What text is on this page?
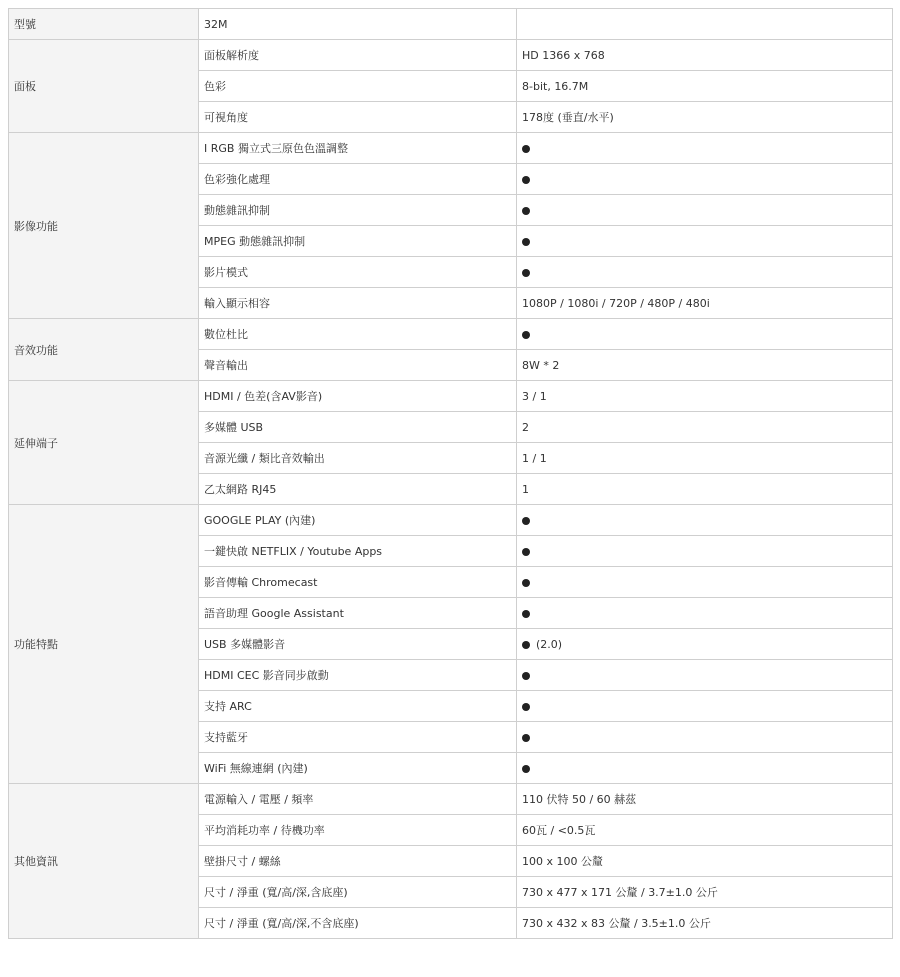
型號	32M	
面板	面板解析度	HD 1366 x 768
	色彩	8-bit, 16.7M
	可視角度	178度 (垂直/水平)
影像功能	I RGB 獨立式三原色色溫調整	
	色彩強化處理	
	動態雜訊抑制	
	MPEG 動態雜訊抑制	
	影片模式	
	輸入顯示相容	1080P / 1080i / 720P / 480P / 480i
音效功能	數位杜比	
	聲音輸出	8W * 2
延伸端子	HDMI / 色差(含AV影音)	3 / 1
	多媒體 USB	2
	音源光纖 / 類比音效輸出	1 / 1
	乙太網路 RJ45	1
功能特點	GOOGLE PLAY (內建)	
	一鍵快啟 NETFLIX / Youtube Apps	
	影音傳輸 Chromecast	
	語音助理 Google Assistant	
	USB 多媒體影音	(2.0)
	HDMI CEC 影音同步啟動	
	支持 ARC	
	支持藍牙	
	WiFi 無線連網 (內建)	
其他資訊	電源輸入 / 電壓 / 頻率	110 伏特 50 / 60 赫茲
	平均消耗功率 / 待機功率	60瓦 / <0.5瓦
	壁掛尺寸 / 螺絲	100 x 100 公釐
	尺寸 / 淨重 (寬/高/深,含底座)	730 x 477 x 171 公釐 / 3.7±1.0 公斤
	尺寸 / 淨重 (寬/高/深,不含底座)	730 x 432 x 83 公釐 / 3.5±1.0 公斤
